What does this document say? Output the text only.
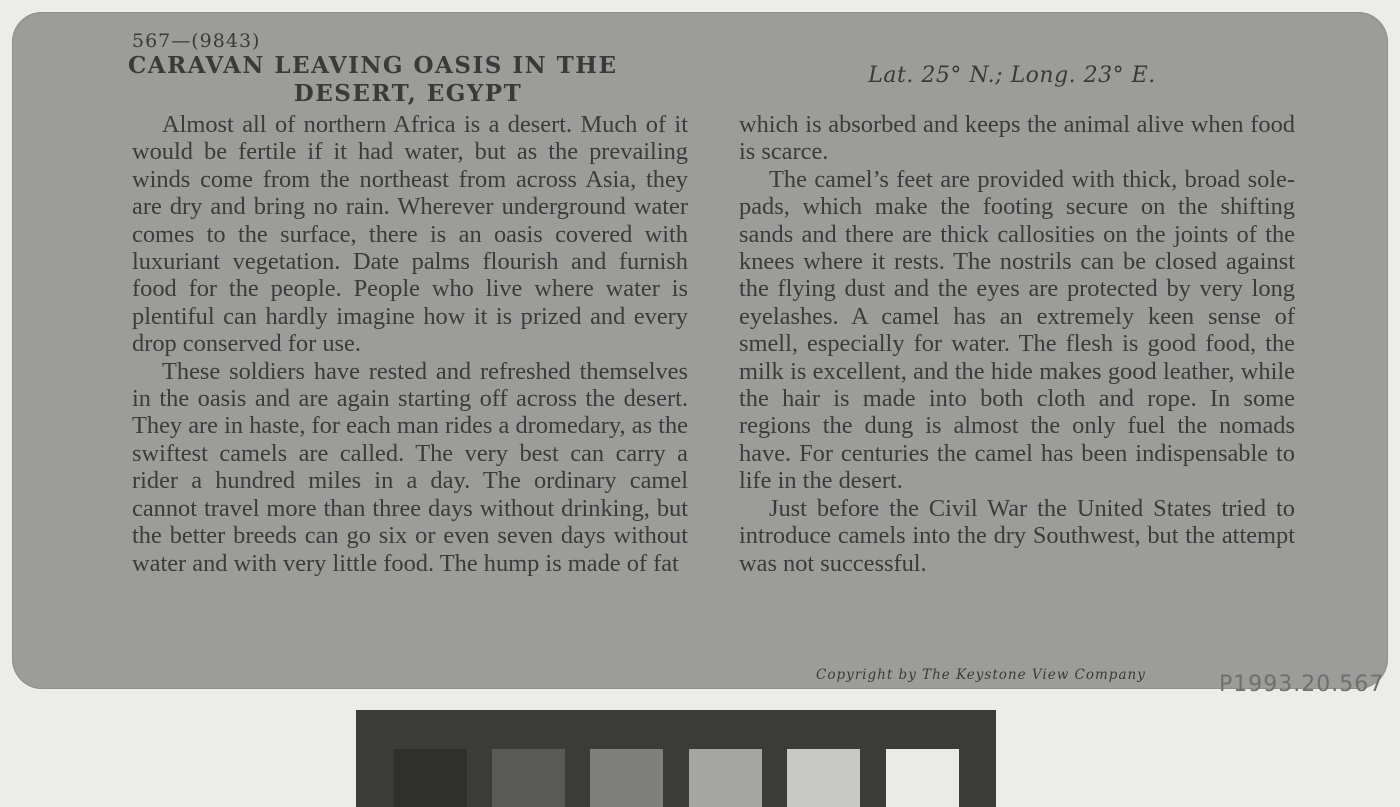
567—(9843)
CARAVAN LEAVING OASIS IN THE
DESERT, EGYPT
Lat. 25° N.; Long. 23° E.

Almost all of northern Africa is a desert. Much of it would be fertile if it had water, but as the prevailing winds come from the northeast from across Asia, they are dry and bring no rain. Wherever underground water comes to the surface, there is an oasis covered with luxuriant vegetation. Date palms flourish and furnish food for the people. People who live where water is plentiful can hardly imagine how it is prized and every drop conserved for use.

These soldiers have rested and refreshed themselves in the oasis and are again starting off across the desert. They are in haste, for each man rides a dromedary, as the swiftest camels are called. The very best can carry a rider a hundred miles in a day. The ordinary camel cannot travel more than three days without drinking, but the better breeds can go six or even seven days without water and with very little food. The hump is made of fat

which is absorbed and keeps the animal alive when food is scarce.

The camel’s feet are provided with thick, broad sole-pads, which make the footing secure on the shifting sands and there are thick callosities on the joints of the knees where it rests. The nostrils can be closed against the flying dust and the eyes are protected by very long eyelashes. A camel has an extremely keen sense of smell, especially for water. The flesh is good food, the milk is excellent, and the hide makes good leather, while the hair is made into both cloth and rope. In some regions the dung is almost the only fuel the nomads have. For centuries the camel has been indispensable to life in the desert.

Just before the Civil War the United States tried to introduce camels into the dry Southwest, but the attempt was not successful.

Copyright by The Keystone View Company	P1993.20.567
